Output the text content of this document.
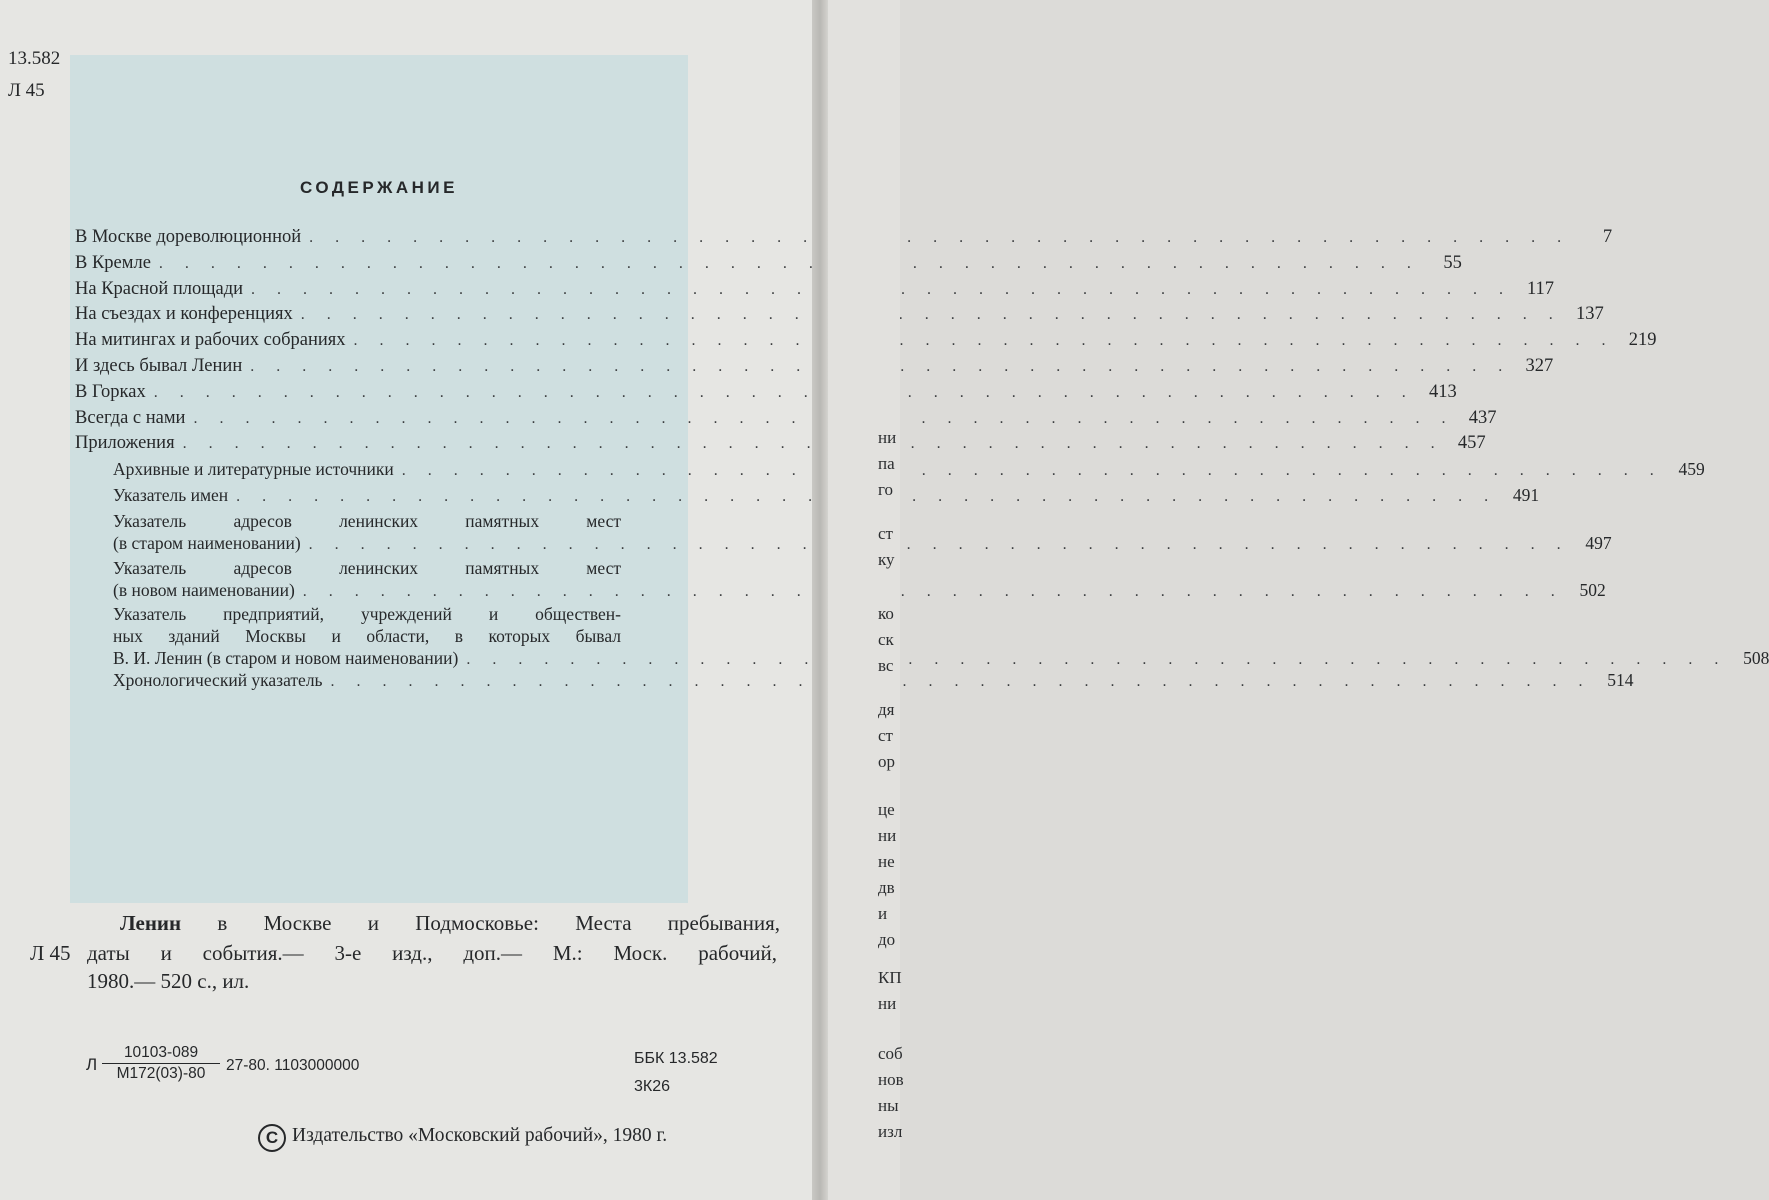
13.582
Л 45
СОДЕРЖАНИЕ
В Москве дореволюционной . . .	7
В Кремле . . .	55
На Красной площади . . .	117
На съездах и конференциях . . .	137
На митингах и рабочих собраниях . . .	219
И здесь бывал Ленин . . .	327
В Горках . . .	413
Всегда с нами . . .	437
Приложения . . .	457
Архивные и литературные источники . . .	459
Указатель имен . . .	491
Указатель адресов ленинских памятных мест
(в старом наименовании) . . .	497
Указатель адресов ленинских памятных мест
(в новом наименовании) . . .	502
Указатель предприятий, учреждений и обществен-
ных зданий Москвы и области, в которых бывал
В. И. Ленин (в старом и новом наименовании) . . .	508
Хронологический указатель . . .	514
Ленин в Москве и Подмосковье: Места пребывания,
Л 45 даты и события.— 3-е изд., доп.— М.: Моск. рабочий,
1980.— 520 с., ил.
Л
10103-089
М172(03)-80	27-80. 1103000000	ББК 13.582
3К26
C Издательство «Московский рабочий», 1980 г.
ни
па
го
ст
ку
ко
ск
вс
дя
ст
ор
це
ни
не
дв
и
до
КП
ни
соб
нов
ны
изл
